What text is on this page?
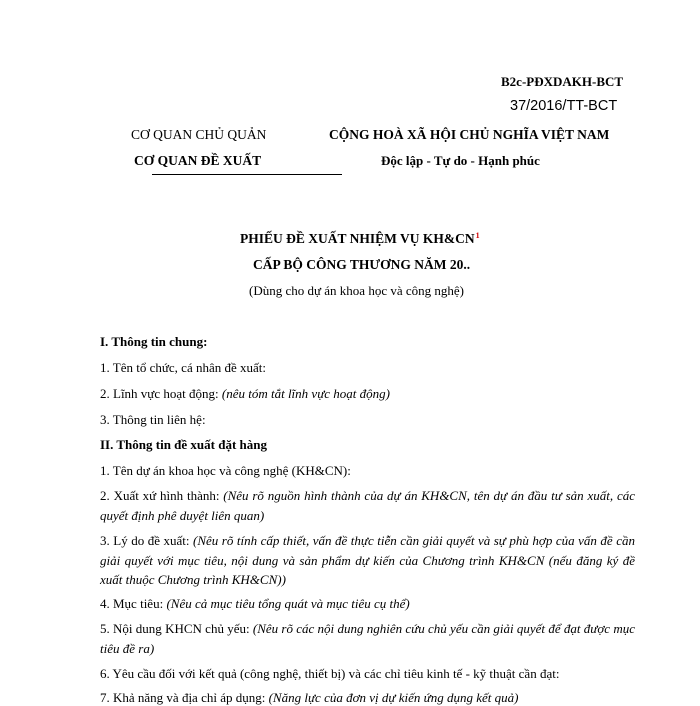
B2c-PĐXDAKH-BCT
37/2016/TT-BCT
CƠ QUAN CHỦ QUẢN
CƠ QUAN ĐỀ XUẤT
CỘNG HOÀ XÃ HỘI CHỦ NGHĨA VIỆT NAM
Độc lập - Tự do - Hạnh phúc
PHIẾU ĐỀ XUẤT NHIỆM VỤ $KH\&CN^1$
CẤP BỘ CÔNG THƯƠNG NĂM 20..
(Dùng cho dự án khoa học và công nghệ)
I. Thông tin chung:
1. Tên tổ chức, cá nhân đề xuất:
2. Lĩnh vực hoạt động: (nêu tóm tắt lĩnh vực hoạt động)
3. Thông tin liên hệ:
II. Thông tin đề xuất đặt hàng
1. Tên dự án khoa học và công nghệ (KH&CN):
2. Xuất xứ hình thành: (Nêu rõ nguồn hình thành của dự án KH&CN, tên dự án đầu tư sản xuất, các quyết định phê duyệt liên quan)
3. Lý do đề xuất: (Nêu rõ tính cấp thiết, vấn đề thực tiễn cần giải quyết và sự phù hợp của vấn đề cần giải quyết với mục tiêu, nội dung và sản phẩm dự kiến của Chương trình KH&CN (nếu đăng ký đề xuất thuộc Chương trình KH&CN))
4. Mục tiêu: (Nêu cả mục tiêu tổng quát và mục tiêu cụ thể)
5. Nội dung KHCN chủ yếu: (Nêu rõ các nội dung nghiên cứu chủ yếu cần giải quyết để đạt được mục tiêu đề ra)
6. Yêu cầu đối với kết quả (công nghệ, thiết bị) và các chỉ tiêu kinh tế - kỹ thuật cần đạt:
7. Khả năng và địa chỉ áp dụng: (Năng lực của đơn vị dự kiến ứng dụng kết quả)
